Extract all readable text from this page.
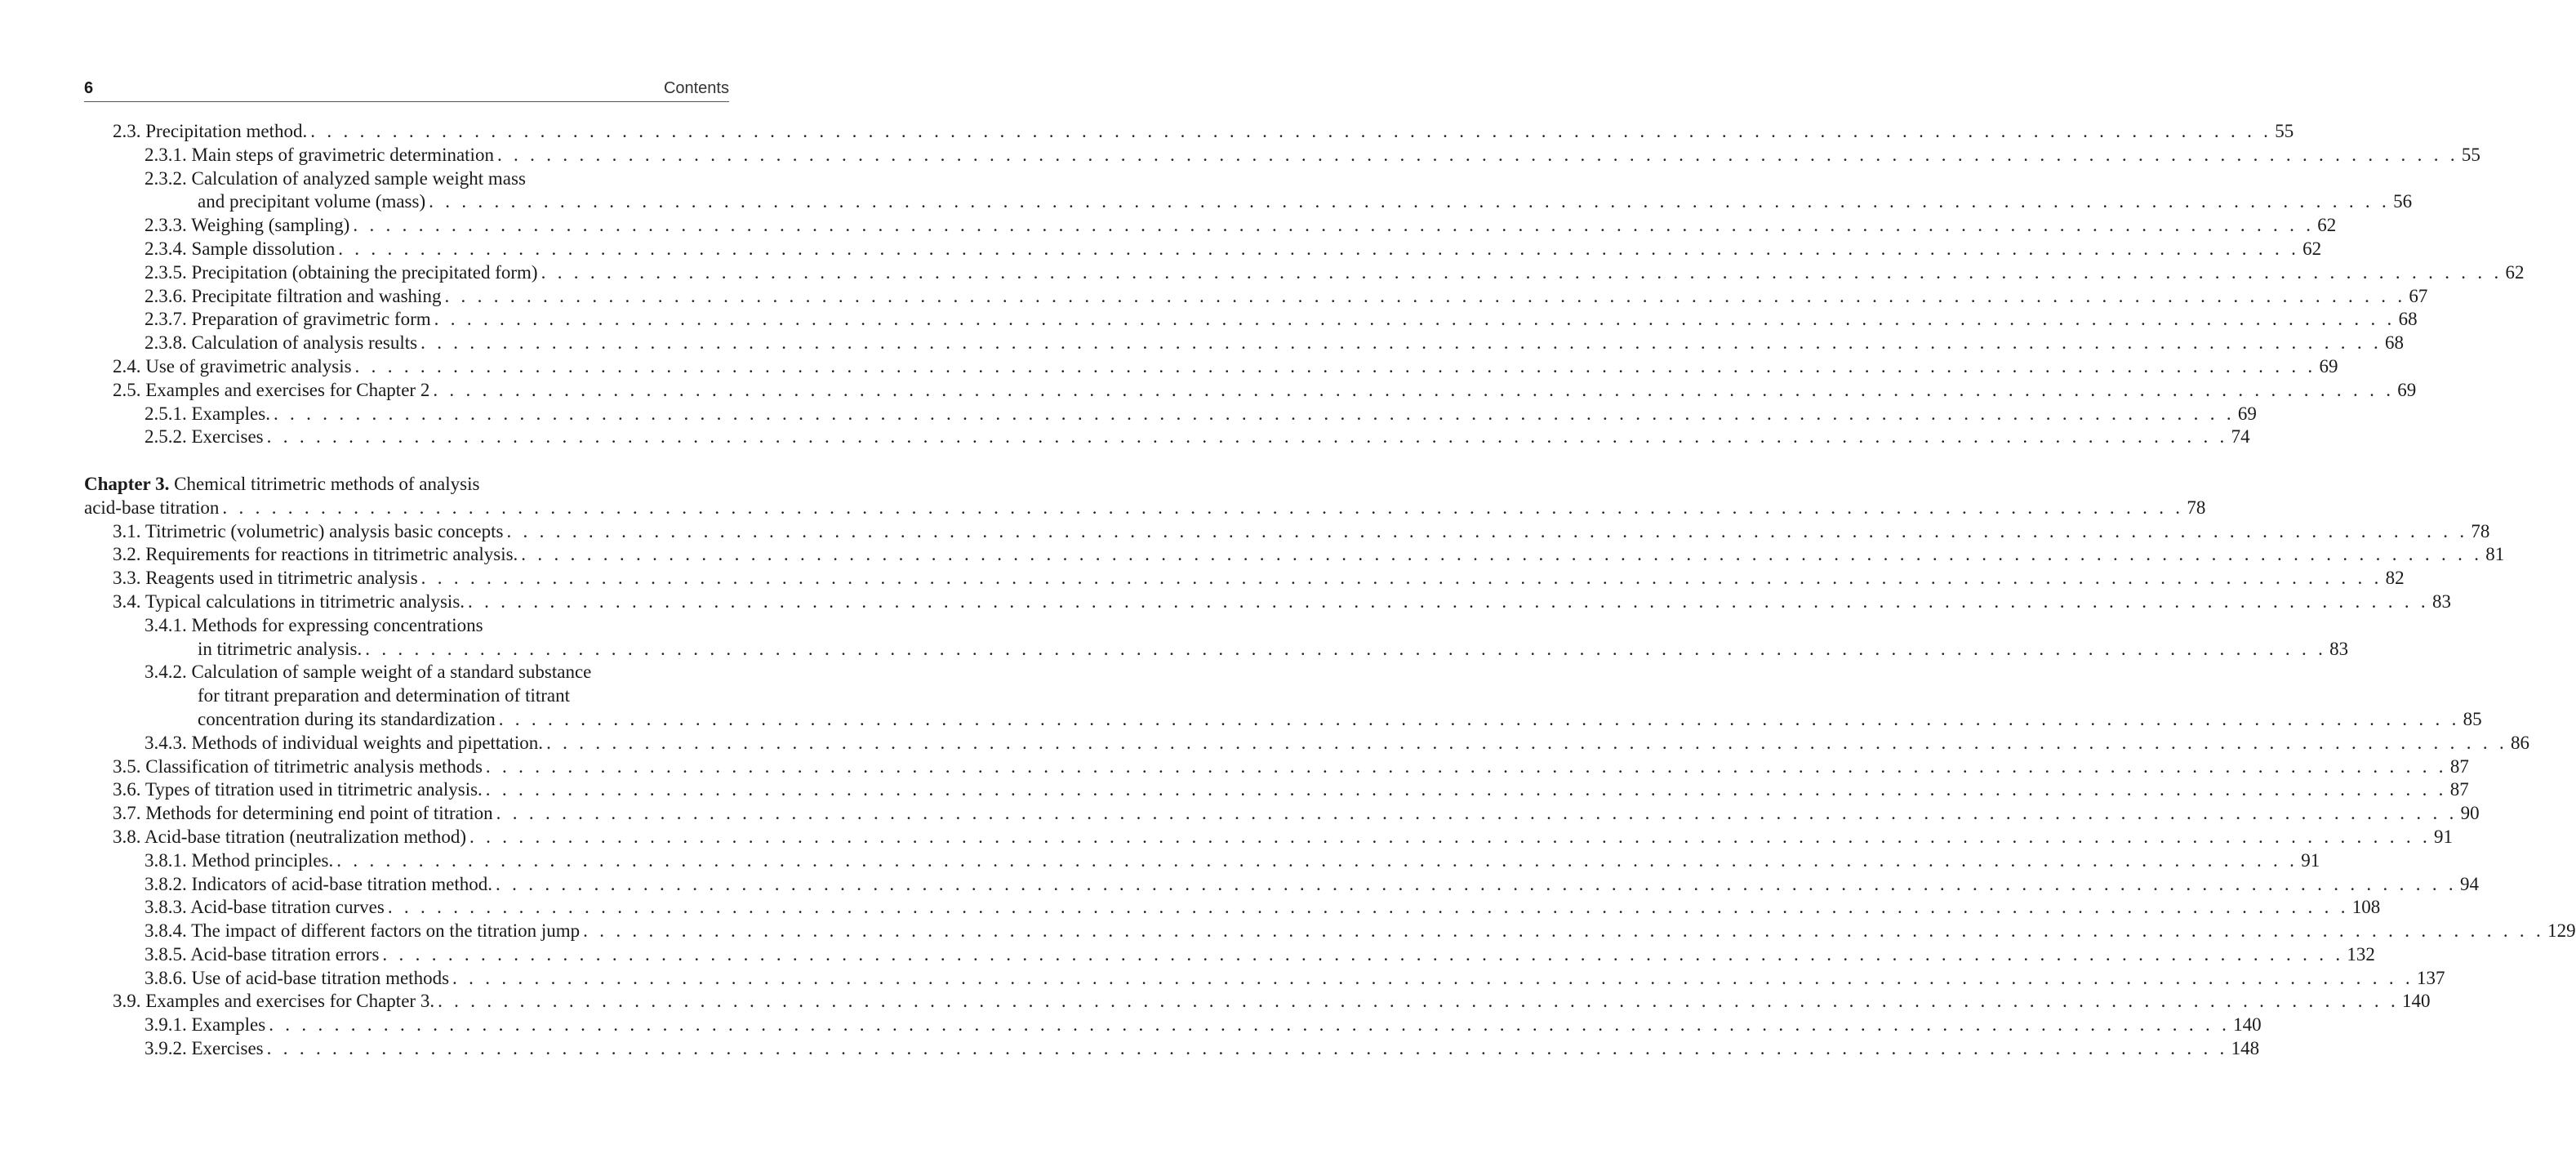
6	Contents
2.3. Precipitation method. . . . . . . . . . . . . . . . . . . . . . . . . . . . . . . . . . . . . . . . . . . . . . . . . . . . . . . . . . . . . . . . . . . . . . . . . . . . . . . . . . . . . . . . . . . . . . . . . . . . . . . . . . . . . . . . . . . . . . . . . 55
2.3.1. Main steps of gravimetric determination . . . . . . . . . . . . . . . . . . . . . . . . . . . . . . . . . . . . . . . . . . . . . . . . . . . . . . . . . . . . . . . . . . . . . . . . . . . . . . . . . . . . . . . . . . . . . . . . . . . . . . . . . . . . . . . . . . . . . . . . 55
2.3.2. Calculation of analyzed sample weight mass
and precipitant volume (mass) . . . . . . . . . . . . . . . . . . . . . . . . . . . . . . . . . . . . . . . . . . . . . . . . . . . . . . . . . . . . . . . . . . . . . . . . . . . . . . . . . . . . . . . . . . . . . . . . . . . . . . . . . . . . . . . . . . . . . . . . 56
2.3.3. Weighing (sampling) . . . . . . . . . . . . . . . . . . . . . . . . . . . . . . . . . . . . . . . . . . . . . . . . . . . . . . . . . . . . . . . . . . . . . . . . . . . . . . . . . . . . . . . . . . . . . . . . . . . . . . . . . . . . . . . . . . . . . . . . 62
2.3.4. Sample dissolution . . . . . . . . . . . . . . . . . . . . . . . . . . . . . . . . . . . . . . . . . . . . . . . . . . . . . . . . . . . . . . . . . . . . . . . . . . . . . . . . . . . . . . . . . . . . . . . . . . . . . . . . . . . . . . . . . . . . . . . . 62
2.3.5. Precipitation (obtaining the precipitated form) . . . . . . . . . . . . . . . . . . . . . . . . . . . . . . . . . . . . . . . . . . . . . . . . . . . . . . . . . . . . . . . . . . . . . . . . . . . . . . . . . . . . . . . . . . . . . . . . . . . . . . . . . . . . . . . . . . . . . . . . 62
2.3.6. Precipitate filtration and washing . . . . . . . . . . . . . . . . . . . . . . . . . . . . . . . . . . . . . . . . . . . . . . . . . . . . . . . . . . . . . . . . . . . . . . . . . . . . . . . . . . . . . . . . . . . . . . . . . . . . . . . . . . . . . . . . . . . . . . . . 67
2.3.7. Preparation of gravimetric form . . . . . . . . . . . . . . . . . . . . . . . . . . . . . . . . . . . . . . . . . . . . . . . . . . . . . . . . . . . . . . . . . . . . . . . . . . . . . . . . . . . . . . . . . . . . . . . . . . . . . . . . . . . . . . . . . . . . . . . . 68
2.3.8. Calculation of analysis results . . . . . . . . . . . . . . . . . . . . . . . . . . . . . . . . . . . . . . . . . . . . . . . . . . . . . . . . . . . . . . . . . . . . . . . . . . . . . . . . . . . . . . . . . . . . . . . . . . . . . . . . . . . . . . . . . . . . . . . . 68
2.4. Use of gravimetric analysis . . . . . . . . . . . . . . . . . . . . . . . . . . . . . . . . . . . . . . . . . . . . . . . . . . . . . . . . . . . . . . . . . . . . . . . . . . . . . . . . . . . . . . . . . . . . . . . . . . . . . . . . . . . . . . . . . . . . . . . . 69
2.5. Examples and exercises for Chapter 2 . . . . . . . . . . . . . . . . . . . . . . . . . . . . . . . . . . . . . . . . . . . . . . . . . . . . . . . . . . . . . . . . . . . . . . . . . . . . . . . . . . . . . . . . . . . . . . . . . . . . . . . . . . . . . . . . . . . . . . . . 69
2.5.1. Examples. . . . . . . . . . . . . . . . . . . . . . . . . . . . . . . . . . . . . . . . . . . . . . . . . . . . . . . . . . . . . . . . . . . . . . . . . . . . . . . . . . . . . . . . . . . . . . . . . . . . . . . . . . . . . . . . . . . . . . . . . 69
2.5.2. Exercises . . . . . . . . . . . . . . . . . . . . . . . . . . . . . . . . . . . . . . . . . . . . . . . . . . . . . . . . . . . . . . . . . . . . . . . . . . . . . . . . . . . . . . . . . . . . . . . . . . . . . . . . . . . . . . . . . . . . . . . . 74
Chapter 3. Chemical titrimetric methods of analysis
acid-base titration . . . . . . . . . . . . . . . . . . . . . . . . . . . . . . . . . . . . . . . . . . . . . . . . . . . . . . . . . . . . . . . . . . . . . . . . . . . . . . . . . . . . . . . . . . . . . . . . . . . . . . . . . . . . . . . . . . . . . . . . 78
3.1. Titrimetric (volumetric) analysis basic concepts . . . . . . . . . . . . . . . . . . . . . . . . . . . . . . . . . . . . . . . . . . . . . . . . . . . . . . . . . . . . . . . . . . . . . . . . . . . . . . . . . . . . . . . . . . . . . . . . . . . . . . . . . . . . . . . . . . . . . . . . 78
3.2. Requirements for reactions in titrimetric analysis. . . . . . . . . . . . . . . . . . . . . . . . . . . . . . . . . . . . . . . . . . . . . . . . . . . . . . . . . . . . . . . . . . . . . . . . . . . . . . . . . . . . . . . . . . . . . . . . . . . . . . . . . . . . . . . . . . . . . . . . . 81
3.3. Reagents used in titrimetric analysis . . . . . . . . . . . . . . . . . . . . . . . . . . . . . . . . . . . . . . . . . . . . . . . . . . . . . . . . . . . . . . . . . . . . . . . . . . . . . . . . . . . . . . . . . . . . . . . . . . . . . . . . . . . . . . . . . . . . . . . . 82
3.4. Typical calculations in titrimetric analysis. . . . . . . . . . . . . . . . . . . . . . . . . . . . . . . . . . . . . . . . . . . . . . . . . . . . . . . . . . . . . . . . . . . . . . . . . . . . . . . . . . . . . . . . . . . . . . . . . . . . . . . . . . . . . . . . . . . . . . . . . 83
3.4.1. Methods for expressing concentrations
in titrimetric analysis. . . . . . . . . . . . . . . . . . . . . . . . . . . . . . . . . . . . . . . . . . . . . . . . . . . . . . . . . . . . . . . . . . . . . . . . . . . . . . . . . . . . . . . . . . . . . . . . . . . . . . . . . . . . . . . . . . . . . . . . . 83
3.4.2. Calculation of sample weight of a standard substance
for titrant preparation and determination of titrant
concentration during its standardization . . . . . . . . . . . . . . . . . . . . . . . . . . . . . . . . . . . . . . . . . . . . . . . . . . . . . . . . . . . . . . . . . . . . . . . . . . . . . . . . . . . . . . . . . . . . . . . . . . . . . . . . . . . . . . . . . . . . . . . . 85
3.4.3. Methods of individual weights and pipettation. . . . . . . . . . . . . . . . . . . . . . . . . . . . . . . . . . . . . . . . . . . . . . . . . . . . . . . . . . . . . . . . . . . . . . . . . . . . . . . . . . . . . . . . . . . . . . . . . . . . . . . . . . . . . . . . . . . . . . . . . 86
3.5. Classification of titrimetric analysis methods . . . . . . . . . . . . . . . . . . . . . . . . . . . . . . . . . . . . . . . . . . . . . . . . . . . . . . . . . . . . . . . . . . . . . . . . . . . . . . . . . . . . . . . . . . . . . . . . . . . . . . . . . . . . . . . . . . . . . . . . 87
3.6. Types of titration used in titrimetric analysis. . . . . . . . . . . . . . . . . . . . . . . . . . . . . . . . . . . . . . . . . . . . . . . . . . . . . . . . . . . . . . . . . . . . . . . . . . . . . . . . . . . . . . . . . . . . . . . . . . . . . . . . . . . . . . . . . . . . . . . . . 87
3.7. Methods for determining end point of titration . . . . . . . . . . . . . . . . . . . . . . . . . . . . . . . . . . . . . . . . . . . . . . . . . . . . . . . . . . . . . . . . . . . . . . . . . . . . . . . . . . . . . . . . . . . . . . . . . . . . . . . . . . . . . . . . . . . . . . . . 90
3.8. Acid-base titration (neutralization method) . . . . . . . . . . . . . . . . . . . . . . . . . . . . . . . . . . . . . . . . . . . . . . . . . . . . . . . . . . . . . . . . . . . . . . . . . . . . . . . . . . . . . . . . . . . . . . . . . . . . . . . . . . . . . . . . . . . . . . . . 91
3.8.1. Method principles. . . . . . . . . . . . . . . . . . . . . . . . . . . . . . . . . . . . . . . . . . . . . . . . . . . . . . . . . . . . . . . . . . . . . . . . . . . . . . . . . . . . . . . . . . . . . . . . . . . . . . . . . . . . . . . . . . . . . . . . . 91
3.8.2. Indicators of acid-base titration method. . . . . . . . . . . . . . . . . . . . . . . . . . . . . . . . . . . . . . . . . . . . . . . . . . . . . . . . . . . . . . . . . . . . . . . . . . . . . . . . . . . . . . . . . . . . . . . . . . . . . . . . . . . . . . . . . . . . . . . . . 94
3.8.3. Acid-base titration curves . . . . . . . . . . . . . . . . . . . . . . . . . . . . . . . . . . . . . . . . . . . . . . . . . . . . . . . . . . . . . . . . . . . . . . . . . . . . . . . . . . . . . . . . . . . . . . . . . . . . . . . . . . . . . . . . . . . . . . . . 108
3.8.4. The impact of different factors on the titration jump . . . . . . . . . . . . . . . . . . . . . . . . . . . . . . . . . . . . . . . . . . . . . . . . . . . . . . . . . . . . . . . . . . . . . . . . . . . . . . . . . . . . . . . . . . . . . . . . . . . . . . . . . . . . . . . . . . . . . . . . 129
3.8.5. Acid-base titration errors . . . . . . . . . . . . . . . . . . . . . . . . . . . . . . . . . . . . . . . . . . . . . . . . . . . . . . . . . . . . . . . . . . . . . . . . . . . . . . . . . . . . . . . . . . . . . . . . . . . . . . . . . . . . . . . . . . . . . . . . 132
3.8.6. Use of acid-base titration methods . . . . . . . . . . . . . . . . . . . . . . . . . . . . . . . . . . . . . . . . . . . . . . . . . . . . . . . . . . . . . . . . . . . . . . . . . . . . . . . . . . . . . . . . . . . . . . . . . . . . . . . . . . . . . . . . . . . . . . . . 137
3.9. Examples and exercises for Chapter 3. . . . . . . . . . . . . . . . . . . . . . . . . . . . . . . . . . . . . . . . . . . . . . . . . . . . . . . . . . . . . . . . . . . . . . . . . . . . . . . . . . . . . . . . . . . . . . . . . . . . . . . . . . . . . . . . . . . . . . . . . 140
3.9.1. Examples . . . . . . . . . . . . . . . . . . . . . . . . . . . . . . . . . . . . . . . . . . . . . . . . . . . . . . . . . . . . . . . . . . . . . . . . . . . . . . . . . . . . . . . . . . . . . . . . . . . . . . . . . . . . . . . . . . . . . . . . 140
3.9.2. Exercises . . . . . . . . . . . . . . . . . . . . . . . . . . . . . . . . . . . . . . . . . . . . . . . . . . . . . . . . . . . . . . . . . . . . . . . . . . . . . . . . . . . . . . . . . . . . . . . . . . . . . . . . . . . . . . . . . . . . . . . . 148
